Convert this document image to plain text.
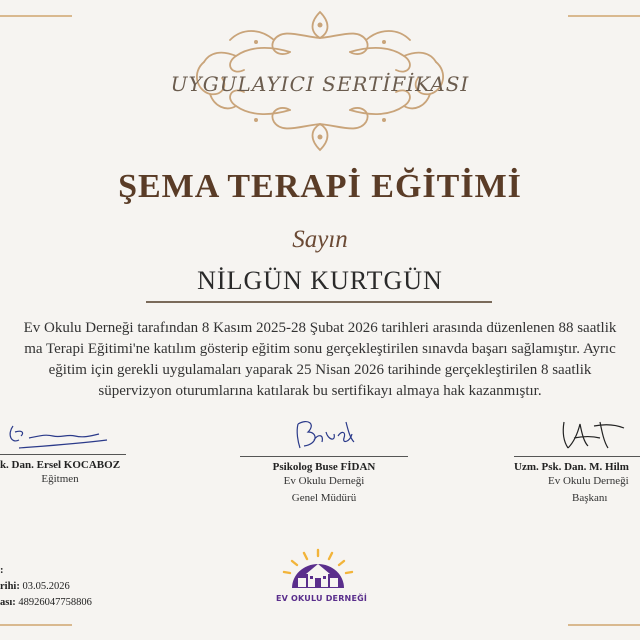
UYGULAYICI SERTİFİKASI
ŞEMA TERAPİ EĞİTİMİ
Sayın
NİLGÜN KURTGÜN
Ev Okulu Derneği tarafından 8 Kasım 2025-28 Şubat 2026 tarihleri arasında düzenlenen 88 saatlik
ma Terapi Eğitimi'ne katılım gösterip eğitim sonu gerçekleştirilen sınavda başarı sağlamıştır. Ayrıc
eğitim için gerekli uygulamaları yaparak 25 Nisan 2026 tarihinde gerçekleştirilen 8 saatlik
süpervizyon oturumlarına katılarak bu sertifikayı almaya hak kazanmıştır.
k. Dan. Ersel KOCABOZ
Eğitmen
Psikolog Buse FİDAN
Ev Okulu Derneği
Genel Müdürü
Uzm. Psk. Dan. M. Hilm
Ev Okulu Derneği
Başkanı
:
rihi: 03.05.2026
ası: 48926047758806	EV OKULU DERNEĞİ
